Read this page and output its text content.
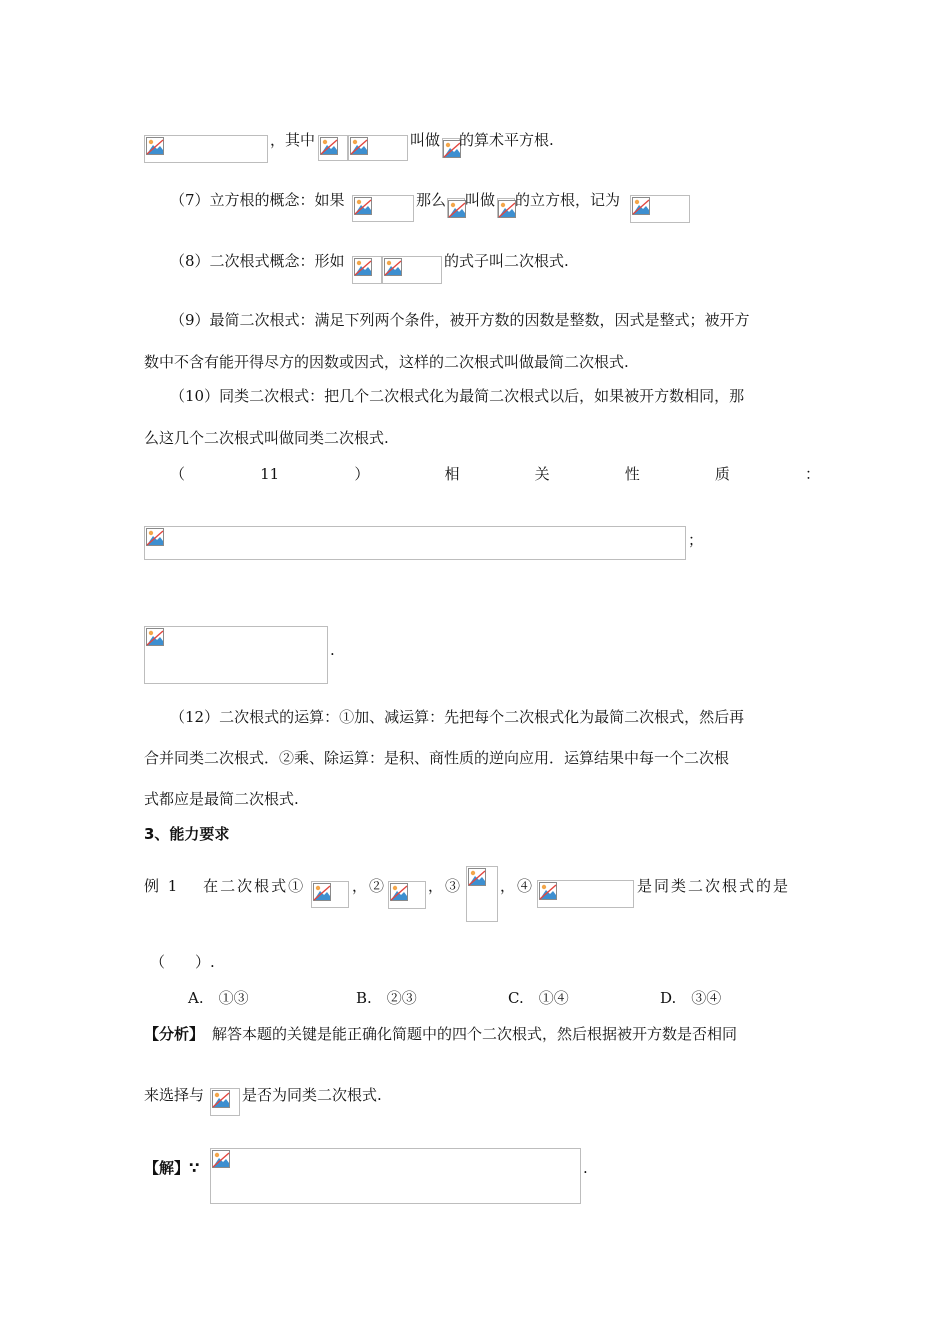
，其中	叫做 的算术平方根.
（7）立方根的概念：如果	那么 叫做 的立方根，记为
（8）二次根式概念：形如	的式子叫二次根式.
（9）最简二次根式：满足下列两个条件，被开方数的因数是整数，因式是整式；被开方
数中不含有能开得尽方的因数或因式，这样的二次根式叫做最简二次根式.
（10）同类二次根式：把几个二次根式化为最简二次根式以后，如果被开方数相同，那
么这几个二次根式叫做同类二次根式.
（	11	）	相	关	性	质	：
；
.
（12）二次根式的运算：①加、减运算：先把每个二次根式化为最简二次根式，然后再
合并同类二次根式．②乘、除运算：是积、商性质的逆向应用．运算结果中每一个二次根
式都应是最简二次根式.
3、能力要求
例 1　 在二次根式①	，②	，③	，④	是同类二次根式的是
（　　）.
A.　①③	B.　②③	C.　①④	D.　③④
【分析】 解答本题的关键是能正确化简题中的四个二次根式，然后根据被开方数是否相同
来选择与	是否为同类二次根式.
【解】∵	.
